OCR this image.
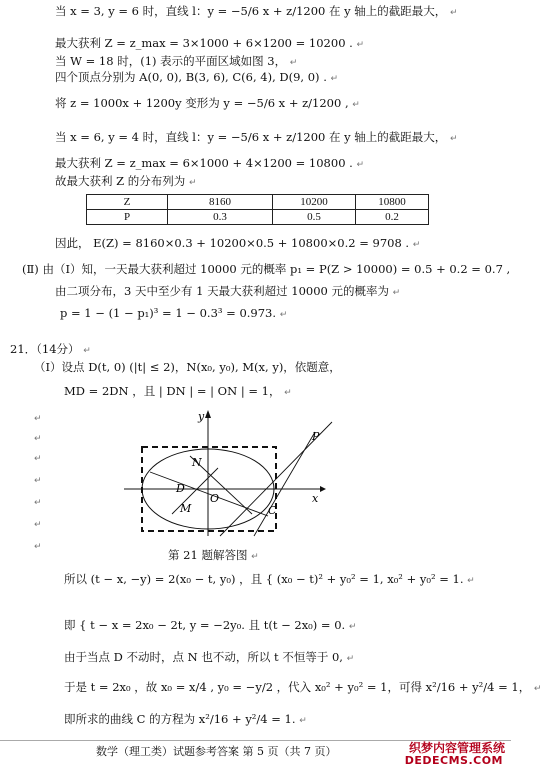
当 x = 3, y = 6 时，直线 l：y = −5/6 x + z/1200 在 y 轴上的截距最大， ↵
最大获利 Z = z_max = 3×1000 + 6×1200 = 10200 . ↵
当 W = 18 时，(1) 表示的平面区域如图 3， ↵
四个顶点分别为 A(0, 0), B(3, 6), C(6, 4), D(9, 0) . ↵
将 z = 1000x + 1200y 变形为 y = −5/6 x + z/1200 , ↵
当 x = 6, y = 4 时，直线 l：y = −5/6 x + z/1200 在 y 轴上的截距最大， ↵
最大获利 Z = z_max = 6×1000 + 4×1200 = 10800 . ↵
故最大获利 Z 的分布列为 ↵
Z	8160	10200	10800
P	0.3	0.5	0.2
因此， E(Z) = 8160×0.3 + 10200×0.5 + 10800×0.2 = 9708 . ↵
(Ⅱ) 由（Ⅰ）知，一天最大获利超过 10000 元的概率 p₁ = P(Z > 10000) = 0.5 + 0.2 = 0.7 ,
由二项分布，3 天中至少有 1 天最大获利超过 10000 元的概率为 ↵
p = 1 − (1 − p₁)³ = 1 − 0.3³ = 0.973. ↵
21．（14分） ↵
（Ⅰ）设点 D(t, 0) (|t| ≤ 2)，N(x₀, y₀), M(x, y)，依题意，
MD = 2DN ，且 | DN | = | ON | = 1， ↵
↵
↵
↵
↵
↵
↵
↵
y
x
N
D
O
M	C
P
第 21 题解答图 ↵
所以 (t − x, −y) = 2(x₀ − t, y₀) ，且 { (x₀ − t)² + y₀² = 1, x₀² + y₀² = 1. ↵
即 { t − x = 2x₀ − 2t, y = −2y₀. 且 t(t − 2x₀) = 0. ↵
由于当点 D 不动时，点 N 也不动，所以 t 不恒等于 0, ↵
于是 t = 2x₀ ，故 x₀ = x/4 , y₀ = −y/2 ，代入 x₀² + y₀² = 1，可得 x²/16 + y²/4 = 1， ↵
即所求的曲线 C 的方程为 x²/16 + y²/4 = 1. ↵
数学（理工类）试题参考答案 第 5 页（共 7 页）	织梦内容管理系统
DEDECMS.COM
